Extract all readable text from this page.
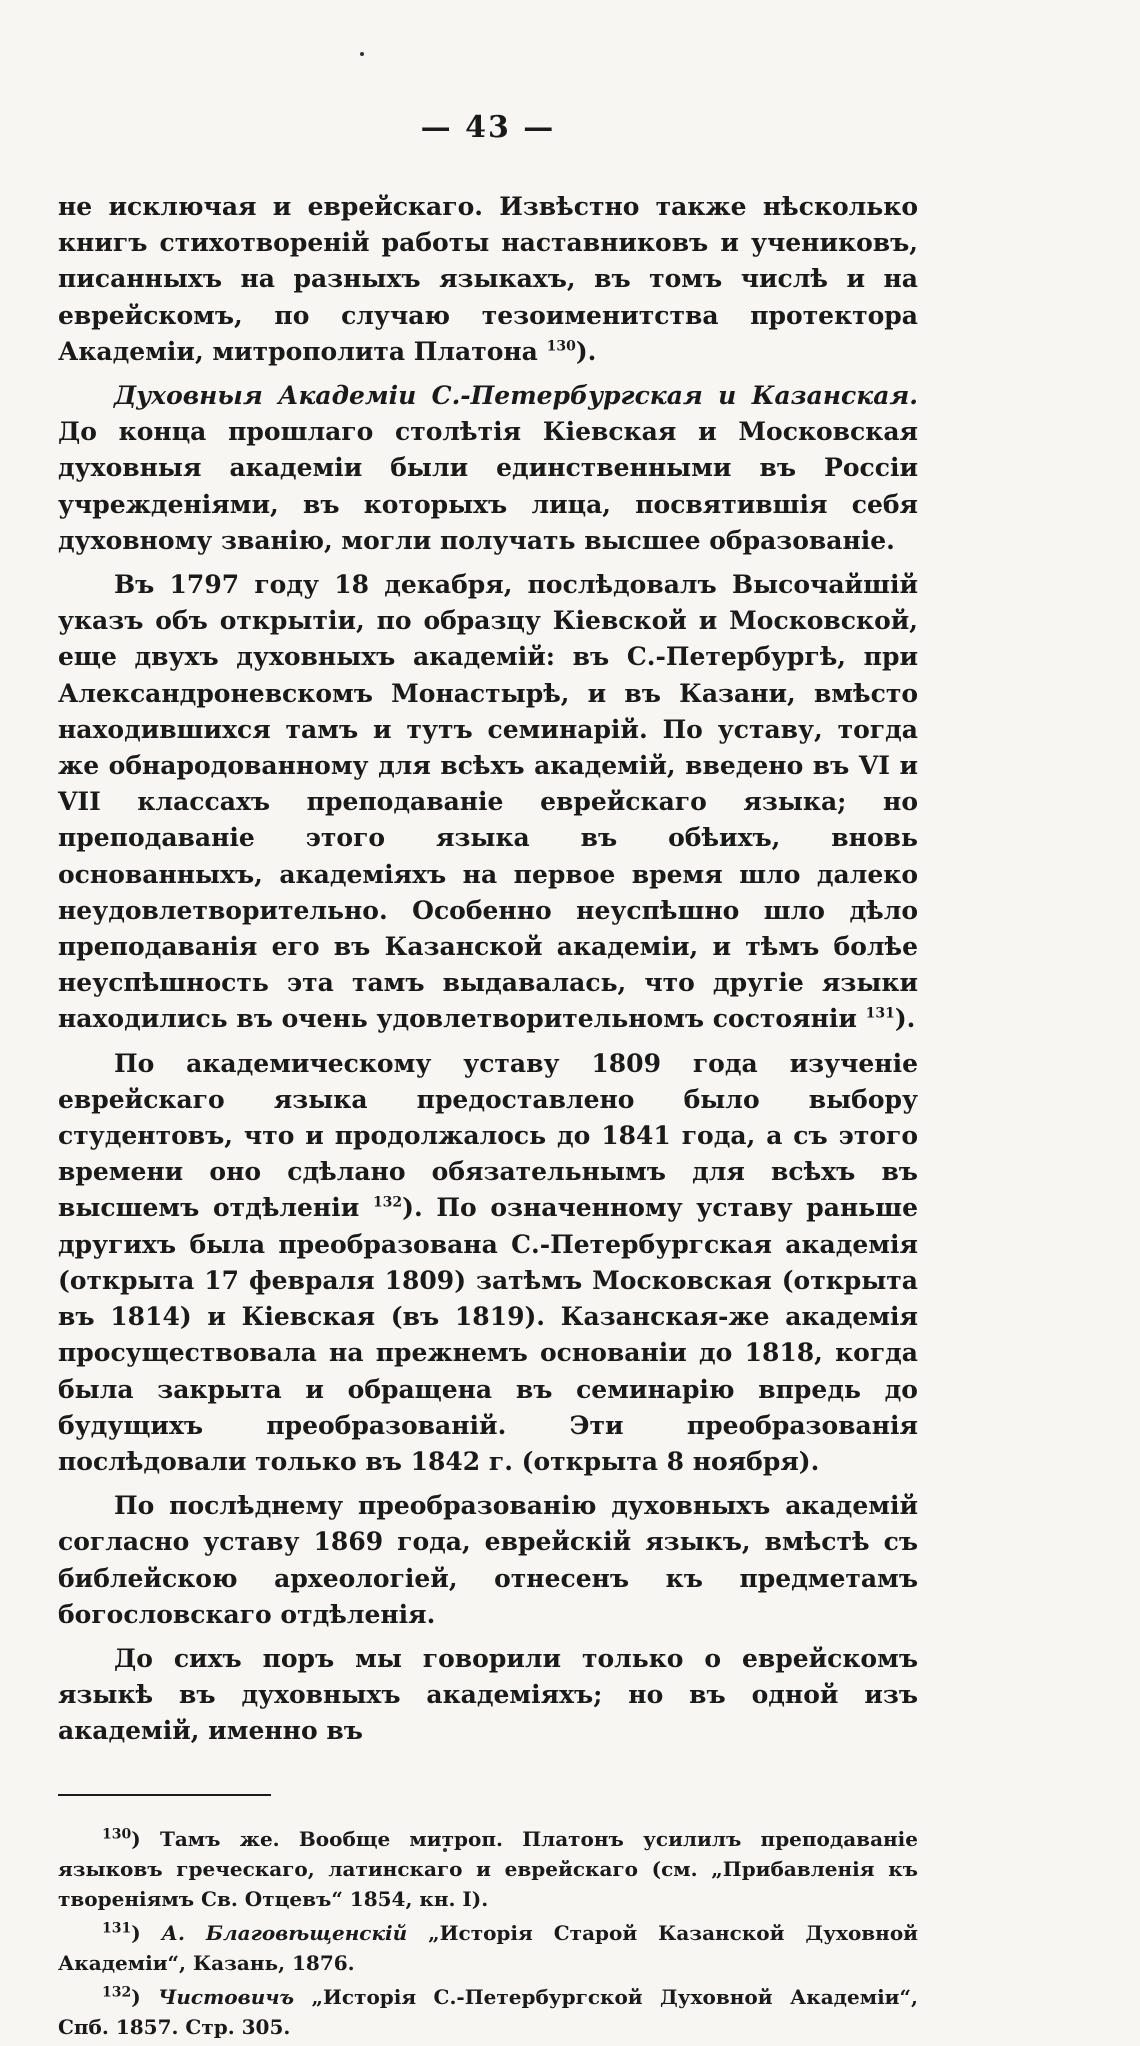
— 43 —

не исключая и еврейскаго. Извѣстно также нѣсколько книгъ стихотвореній работы наставниковъ и учениковъ, писанныхъ на разныхъ языкахъ, въ томъ числѣ и на еврейскомъ, по случаю тезоименитства протектора Академіи, митрополита Платона $^{130}$).

Духовныя Академіи С.-Петербургская и Казанская. До конца прошлаго столѣтія Кіевская и Московская духовныя академіи были единственными въ Россіи учрежденіями, въ которыхъ лица, посвятившія себя духовному званію, могли получать высшее образованіе.

Въ 1797 году 18 декабря, послѣдовалъ Высочайшій указъ объ открытіи, по образцу Кіевской и Московской, еще двухъ духовныхъ академій: въ С.-Петербургѣ, при Александроневскомъ Монастырѣ, и въ Казани, вмѣсто находившихся тамъ и тутъ семинарій. По уставу, тогда же обнародованному для всѣхъ академій, введено въ VI и VII классахъ преподаваніе еврейскаго языка; но преподаваніе этого языка въ обѣихъ, вновь основанныхъ, академіяхъ на первое время шло далеко неудовлетворительно. Особенно неуспѣшно шло дѣло преподаванія его въ Казанской академіи, и тѣмъ болѣе неуспѣшность эта тамъ выдавалась, что другіе языки находились въ очень удовлетворительномъ состояніи $^{131}$).

По академическому уставу 1809 года изученіе еврейскаго языка предоставлено было выбору студентовъ, что и продолжалось до 1841 года, а съ этого времени оно сдѣлано обязательнымъ для всѣхъ въ высшемъ отдѣленіи $^{132}$). По означенному уставу раньше другихъ была преобразована С.-Петербургская академія (открыта 17 февраля 1809) затѣмъ Московская (открыта въ 1814) и Кіевская (въ 1819). Казанская-же академія просуществовала на прежнемъ основаніи до 1818, когда была закрыта и обращена въ семинарію впредь до будущихъ преобразованій. Эти преобразованія послѣдовали только въ 1842 г. (открыта 8 ноября).

По послѣднему преобразованію духовныхъ академій согласно уставу 1869 года, еврейскій языкъ, вмѣстѣ съ библейскою археологіей, отнесенъ къ предметамъ богословскаго отдѣленія.

До сихъ поръ мы говорили только о еврейскомъ языкѣ въ духовныхъ академіяхъ; но въ одной изъ академій, именно въ

$^{130}$) Тамъ же. Вообще митроп. Платонъ усилилъ преподаваніе языковъ греческаго, латинскаго и еврейскаго (см. „Прибавленія къ твореніямъ Св. Отцевъ“ 1854, кн. I).

$^{131}$) А. Благовѣщенскій „Исторія Старой Казанской Духовной Академіи“, Казань, 1876.

$^{132}$) Чистовичъ „Исторія С.-Петербургской Духовной Академіи“, Спб. 1857. Стр. 305.
